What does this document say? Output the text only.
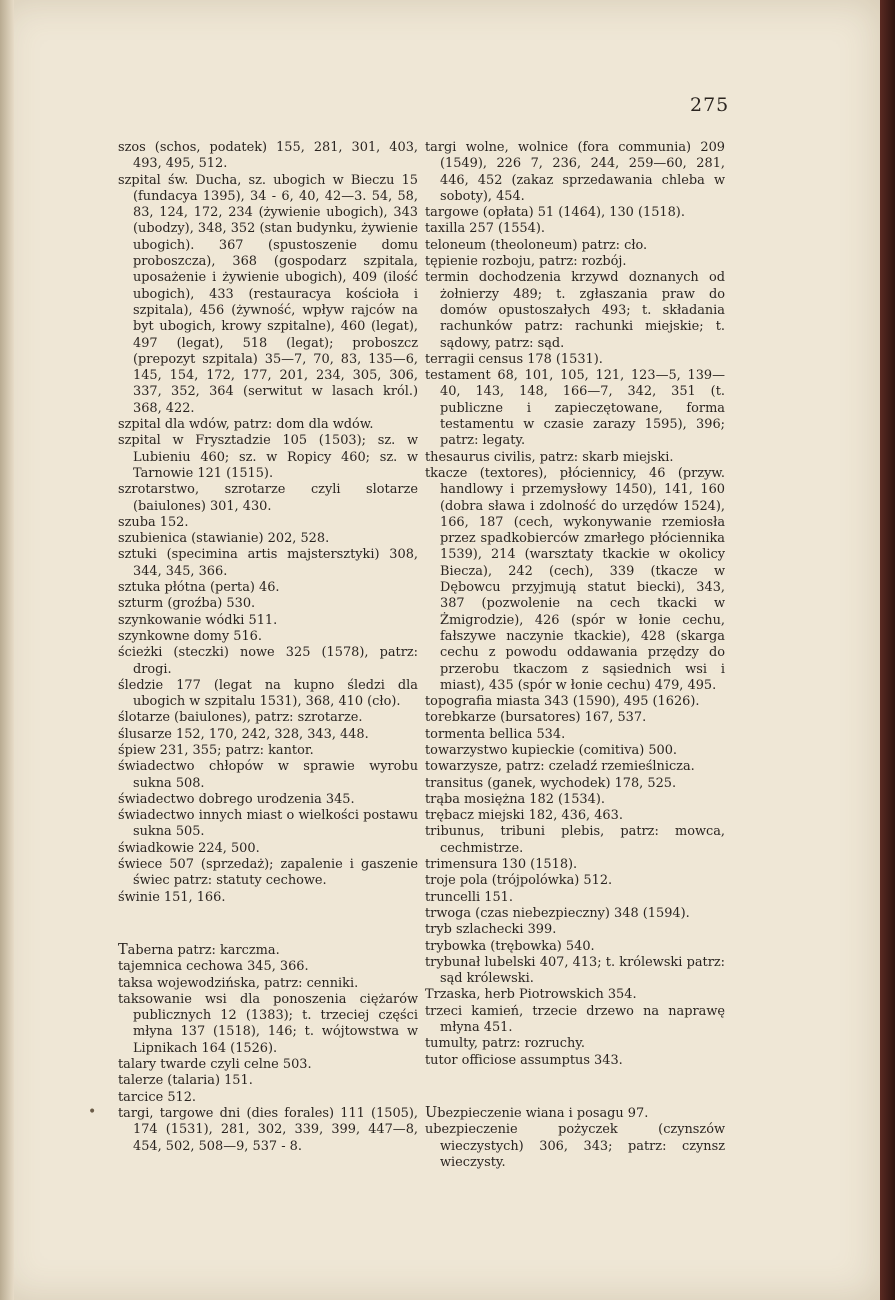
275
•

szos (schos, podatek) 155, 281, 301, 403, 493, 495, 512.

szpital św. Ducha, sz. ubogich w Bieczu 15 (fundacya 1395), 34 - 6, 40, 42—3. 54, 58, 83, 124, 172, 234 (żywienie ubogich), 343 (ubodzy), 348, 352 (stan budynku, żywienie ubogich). 367 (spustoszenie domu proboszcza), 368 (gospodarz szpitala, uposażenie i żywienie ubogich), 409 (ilość ubogich), 433 (restauracya kościoła i szpitala), 456 (żywność, wpływ rajców na byt ubogich, krowy szpitalne), 460 (legat), 497 (legat), 518 (legat); proboszcz (prepozyt szpitala) 35—7, 70, 83, 135—6, 145, 154, 172, 177, 201, 234, 305, 306, 337, 352, 364 (serwitut w lasach król.) 368, 422.

szpital dla wdów, patrz: dom dla wdów.

szpital w Frysztadzie 105 (1503); sz. w Lubieniu 460; sz. w Ropicy 460; sz. w Tarnowie 121 (1515).

szrotarstwo, szrotarze czyli slotarze (baiulones) 301, 430.

szuba 152.

szubienica (stawianie) 202, 528.

sztuki (specimina artis majstersztyki) 308, 344, 345, 366.

sztuka płótna (perta) 46.

szturm (groźba) 530.

szynkowanie wódki 511.

szynkowne domy 516.

ścieżki (steczki) nowe 325 (1578), patrz: drogi.

śledzie 177 (legat na kupno śledzi dla ubogich w szpitalu 1531), 368, 410 (cło).

ślotarze (baiulones), patrz: szrotarze.

ślusarze 152, 170, 242, 328, 343, 448.

śpiew 231, 355; patrz: kantor.

świadectwo chłopów w sprawie wyrobu sukna 508.

świadectwo dobrego urodzenia 345.

świadectwo innych miast o wielkości postawu sukna 505.

świadkowie 224, 500.

świece 507 (sprzedaż); zapalenie i gaszenie świec patrz: statuty cechowe.

świnie 151, 166.

Taberna patrz: karczma.

tajemnica cechowa 345, 366.

taksa wojewodzińska, patrz: cenniki.

taksowanie wsi dla ponoszenia ciężarów publicznych 12 (1383); t. trzeciej części młyna 137 (1518), 146; t. wójtowstwa w Lipnikach 164 (1526).

talary twarde czyli celne 503.

talerze (talaria) 151.

tarcice 512.

targi, targowe dni (dies forales) 111 (1505), 174 (1531), 281, 302, 339, 399, 447—8, 454, 502, 508—9, 537 - 8.

targi wolne, wolnice (fora communia) 209 (1549), 226 7, 236, 244, 259—60, 281, 446, 452 (zakaz sprzedawania chleba w soboty), 454.

targowe (opłata) 51 (1464), 130 (1518).

taxilla 257 (1554).

teloneum (theoloneum) patrz: cło.

tępienie rozboju, patrz: rozbój.

termin dochodzenia krzywd doznanych od żołnierzy 489; t. zgłaszania praw do domów opustoszałych 493; t. składania rachunków patrz: rachunki miejskie; t. sądowy, patrz: sąd.

terragii census 178 (1531).

testament 68, 101, 105, 121, 123—5, 139—40, 143, 148, 166—7, 342, 351 (t. publiczne i zapieczętowane, forma testamentu w czasie zarazy 1595), 396; patrz: legaty.

thesaurus civilis, patrz: skarb miejski.

tkacze (textores), płóciennicy, 46 (przyw. handlowy i przemysłowy 1450), 141, 160 (dobra sława i zdolność do urzędów 1524), 166, 187 (cech, wykonywanie rzemiosła przez spadkobierców zmarłego płóciennika 1539), 214 (warsztaty tkackie w okolicy Biecza), 242 (cech), 339 (tkacze w Dębowcu przyjmują statut biecki), 343, 387 (pozwolenie na cech tkacki w Żmigrodzie), 426 (spór w łonie cechu, fałszywe naczynie tkackie), 428 (skarga cechu z powodu oddawania przędzy do przerobu tkaczom z sąsiednich wsi i miast), 435 (spór w łonie cechu) 479, 495.

topografia miasta 343 (1590), 495 (1626).

torebkarze (bursatores) 167, 537.

tormenta bellica 534.

towarzystwo kupieckie (comitiva) 500.

towarzysze, patrz: czeladź rzemieślnicza.

transitus (ganek, wychodek) 178, 525.

trąba mosiężna 182 (1534).

trębacz miejski 182, 436, 463.

tribunus, tribuni plebis, patrz: mowca, cechmistrze.

trimensura 130 (1518).

troje pola (trójpolówka) 512.

truncelli 151.

trwoga (czas niebezpieczny) 348 (1594).

tryb szlachecki 399.

trybowka (trębowka) 540.

trybunał lubelski 407, 413; t. królewski patrz: sąd królewski.

Trzaska, herb Piotrowskich 354.

trzeci kamień, trzecie drzewo na naprawę młyna 451.

tumulty, patrz: rozruchy.

tutor officiose assumptus 343.

Ubezpieczenie wiana i posagu 97.

ubezpieczenie pożyczek (czynszów wieczystych) 306, 343; patrz: czynsz wieczysty.
